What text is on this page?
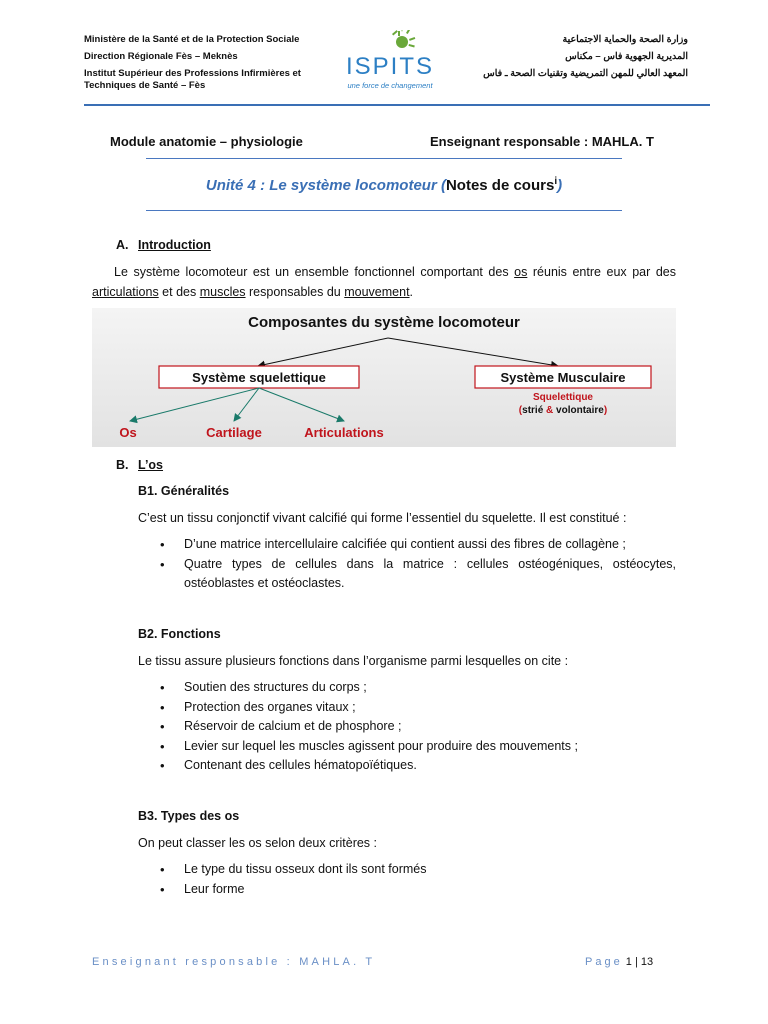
Ministère de la Santé et de la Protection Sociale
Direction Régionale Fès – Meknès
Institut Supérieur des Professions Infirmières et Techniques de Santé – Fès
ISPITS
une force de changement
وزارة الصحة والحماية الاجتماعية
المديرية الجهوية فاس – مكناس
المعهد العالي للمهن التمريضية وتقنيات الصحة ـ فاس
Module anatomie – physiologie	Enseignant responsable : MAHLA. T
Unité 4 : Le système locomoteur (Notes de cours$^i$)
A. Introduction
Le système locomoteur est un ensemble fonctionnel comportant des os réunis entre eux par des articulations et des muscles responsables du mouvement.
Composantes du système locomoteur
Système squelettique	Système Musculaire
Squelettique
(strié & volontaire)
Os	Cartilage	Articulations
B. L’os
B1. Généralités
C’est un tissu conjonctif vivant calcifié qui forme l’essentiel du squelette. Il est constitué :
• D’une matrice intercellulaire calcifiée qui contient aussi des fibres de collagène ;
• Quatre types de cellules dans la matrice : cellules ostéogéniques, ostéocytes, ostéoblastes et ostéoclastes.
B2. Fonctions
Le tissu assure plusieurs fonctions dans l’organisme parmi lesquelles on cite :
• Soutien des structures du corps ;
• Protection des organes vitaux ;
• Réservoir de calcium et de phosphore ;
• Levier sur lequel les muscles agissent pour produire des mouvements ;
• Contenant des cellules hématopoïétiques.
B3. Types des os
On peut classer les os selon deux critères :
• Le type du tissu osseux dont ils sont formés
• Leur forme
Enseignant responsable : MAHLA. T	Page 1 | 13
